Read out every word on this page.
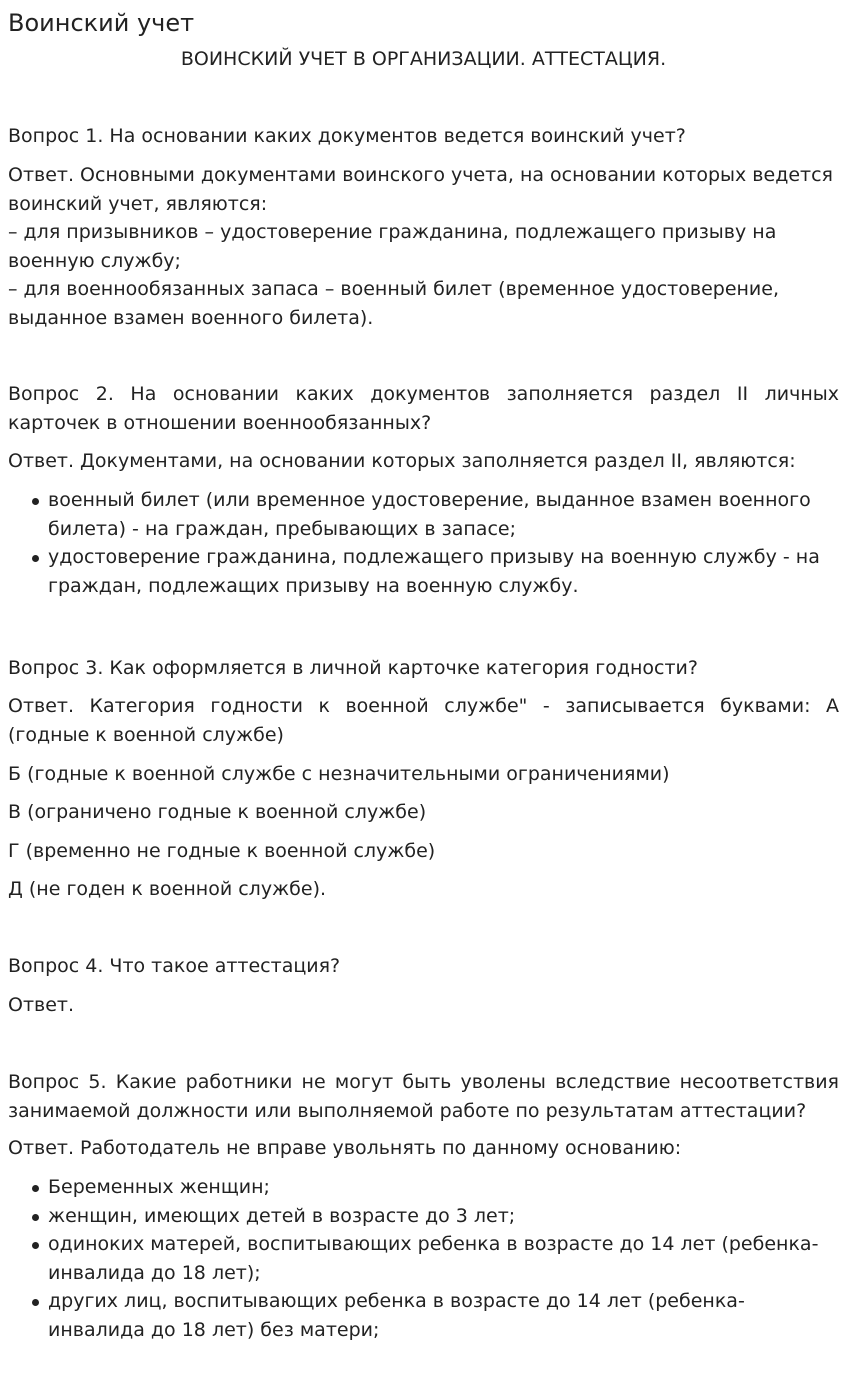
Воинский учет

ВОИНСКИЙ УЧЕТ В ОРГАНИЗАЦИИ. АТТЕСТАЦИЯ.

Вопрос 1. На основании каких документов ведется воинский учет?

Ответ. Основными документами воинского учета, на основании которых ведется воинский учет, являются:

– для призывников – удостоверение гражданина, подлежащего призыву на военную службу;

– для военнообязанных запаса – военный билет (временное удостоверение, выданное взамен военного билета).

Вопрос 2. На основании каких документов заполняется раздел II личных карточек в отношении военнообязанных?

Ответ. Документами, на основании которых заполняется раздел II, являются:

военный билет (или временное удостоверение, выданное взамен военного билета) - на граждан, пребывающих в запасе;
удостоверение гражданина, подлежащего призыву на военную службу - на граждан, подлежащих призыву на военную службу.

Вопрос 3. Как оформляется в личной карточке категория годности?

Ответ. Категория годности к военной службе" - записывается буквами: А (годные к военной службе)

Б (годные к военной службе с незначительными ограничениями)

В (ограничено годные к военной службе)

Г (временно не годные к военной службе)

Д (не годен к военной службе).

Вопрос 4. Что такое аттестация?

Ответ.

Вопрос 5. Какие работники не могут быть уволены вследствие несоответствия занимаемой должности или выполняемой работе по результатам аттестации?

Ответ. Работодатель не вправе увольнять по данному основанию:

Беременных женщин;
женщин, имеющих детей в возрасте до 3 лет;
одиноких матерей, воспитывающих ребенка в возрасте до 14 лет (ребенка-инвалида до 18 лет);
других лиц, воспитывающих ребенка в возрасте до 14 лет (ребенка-инвалида до 18 лет) без матери;
